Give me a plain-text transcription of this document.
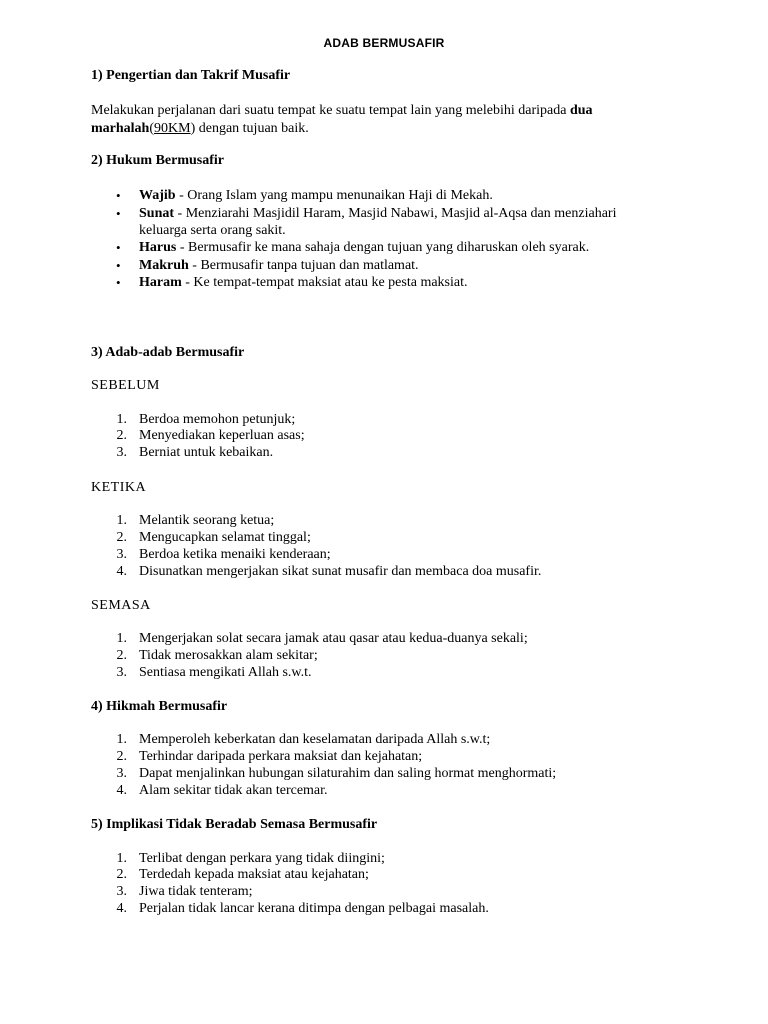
ADAB BERMUSAFIR
1) Pengertian dan Takrif Musafir
Melakukan perjalanan dari suatu tempat ke suatu tempat lain yang melebihi daripada dua marhalah(90KM) dengan tujuan baik.
2) Hukum Bermusafir
• Wajib - Orang Islam yang mampu menunaikan Haji di Mekah.
• Sunat - Menziarahi Masjidil Haram, Masjid Nabawi, Masjid al-Aqsa dan menziahari
keluarga serta orang sakit.
• Harus - Bermusafir ke mana sahaja dengan tujuan yang diharuskan oleh syarak.
• Makruh - Bermusafir tanpa tujuan dan matlamat.
• Haram - Ke tempat-tempat maksiat atau ke pesta maksiat.
3) Adab-adab Bermusafir
SEBELUM
1. Berdoa memohon petunjuk;
2. Menyediakan keperluan asas;
3. Berniat untuk kebaikan.
KETIKA
1. Melantik seorang ketua;
2. Mengucapkan selamat tinggal;
3. Berdoa ketika menaiki kenderaan;
4. Disunatkan mengerjakan sikat sunat musafir dan membaca doa musafir.
SEMASA
1. Mengerjakan solat secara jamak atau qasar atau kedua-duanya sekali;
2. Tidak merosakkan alam sekitar;
3. Sentiasa mengikati Allah s.w.t.
4) Hikmah Bermusafir
1. Memperoleh keberkatan dan keselamatan daripada Allah s.w.t;
2. Terhindar daripada perkara maksiat dan kejahatan;
3. Dapat menjalinkan hubungan silaturahim dan saling hormat menghormati;
4. Alam sekitar tidak akan tercemar.
5) Implikasi Tidak Beradab Semasa Bermusafir
1. Terlibat dengan perkara yang tidak diingini;
2. Terdedah kepada maksiat atau kejahatan;
3. Jiwa tidak tenteram;
4. Perjalan tidak lancar kerana ditimpa dengan pelbagai masalah.
